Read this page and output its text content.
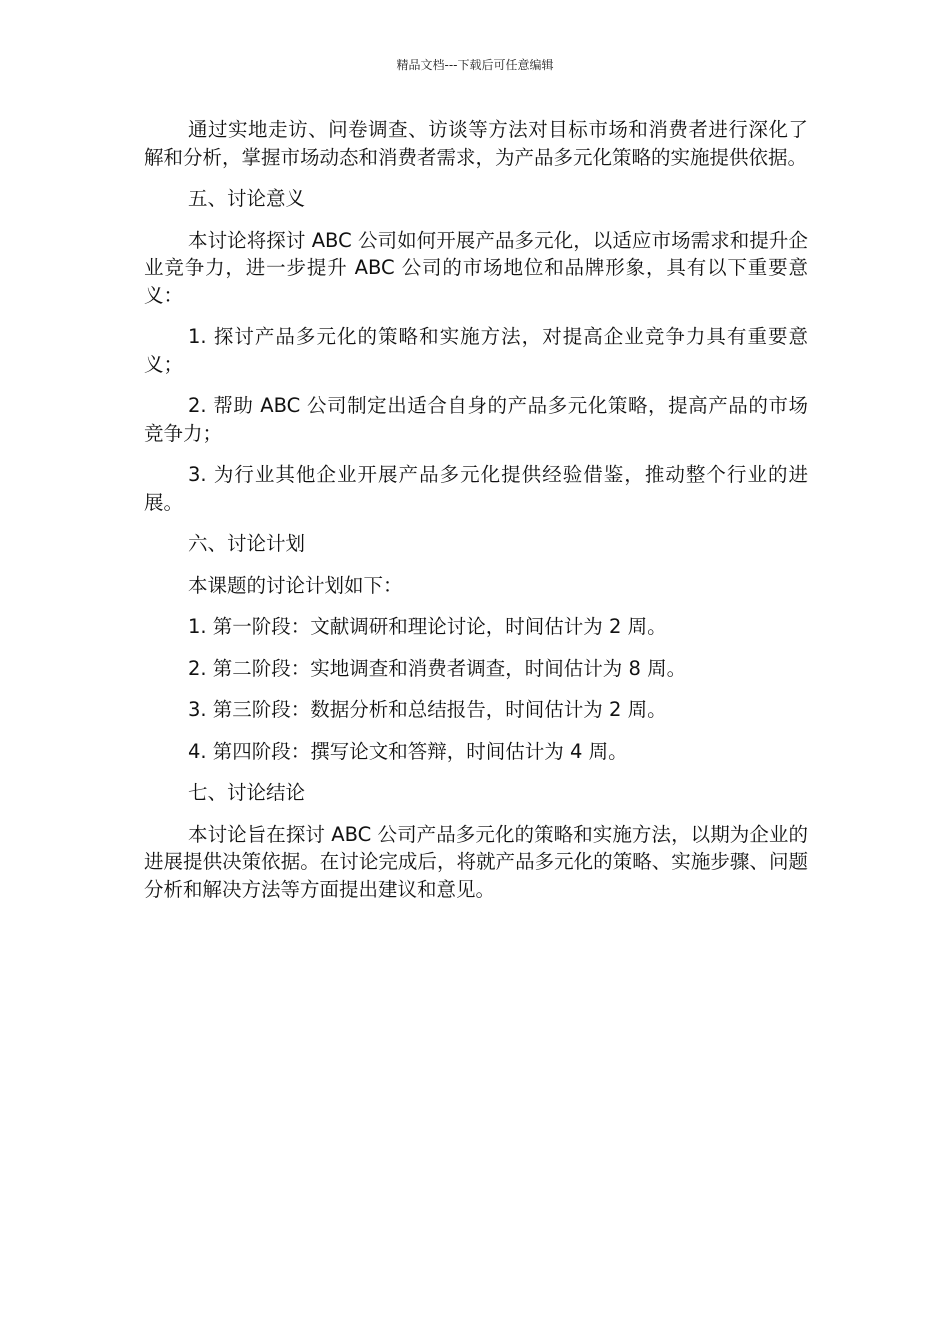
精品文档---下载后可任意编辑

通过实地走访、问卷调查、访谈等方法对目标市场和消费者进行深化了解和分析，掌握市场动态和消费者需求，为产品多元化策略的实施提供依据。

五、讨论意义

本讨论将探讨 ABC 公司如何开展产品多元化，以适应市场需求和提升企业竞争力，进一步提升 ABC 公司的市场地位和品牌形象，具有以下重要意义：

1. 探讨产品多元化的策略和实施方法，对提高企业竞争力具有重要意义；

2. 帮助 ABC 公司制定出适合自身的产品多元化策略，提高产品的市场竞争力；

3. 为行业其他企业开展产品多元化提供经验借鉴，推动整个行业的进展。

六、讨论计划

本课题的讨论计划如下：

1. 第一阶段：文献调研和理论讨论，时间估计为 2 周。

2. 第二阶段：实地调查和消费者调查，时间估计为 8 周。

3. 第三阶段：数据分析和总结报告，时间估计为 2 周。

4. 第四阶段：撰写论文和答辩，时间估计为 4 周。

七、讨论结论

本讨论旨在探讨 ABC 公司产品多元化的策略和实施方法，以期为企业的进展提供决策依据。在讨论完成后，将就产品多元化的策略、实施步骤、问题分析和解决方法等方面提出建议和意见。
